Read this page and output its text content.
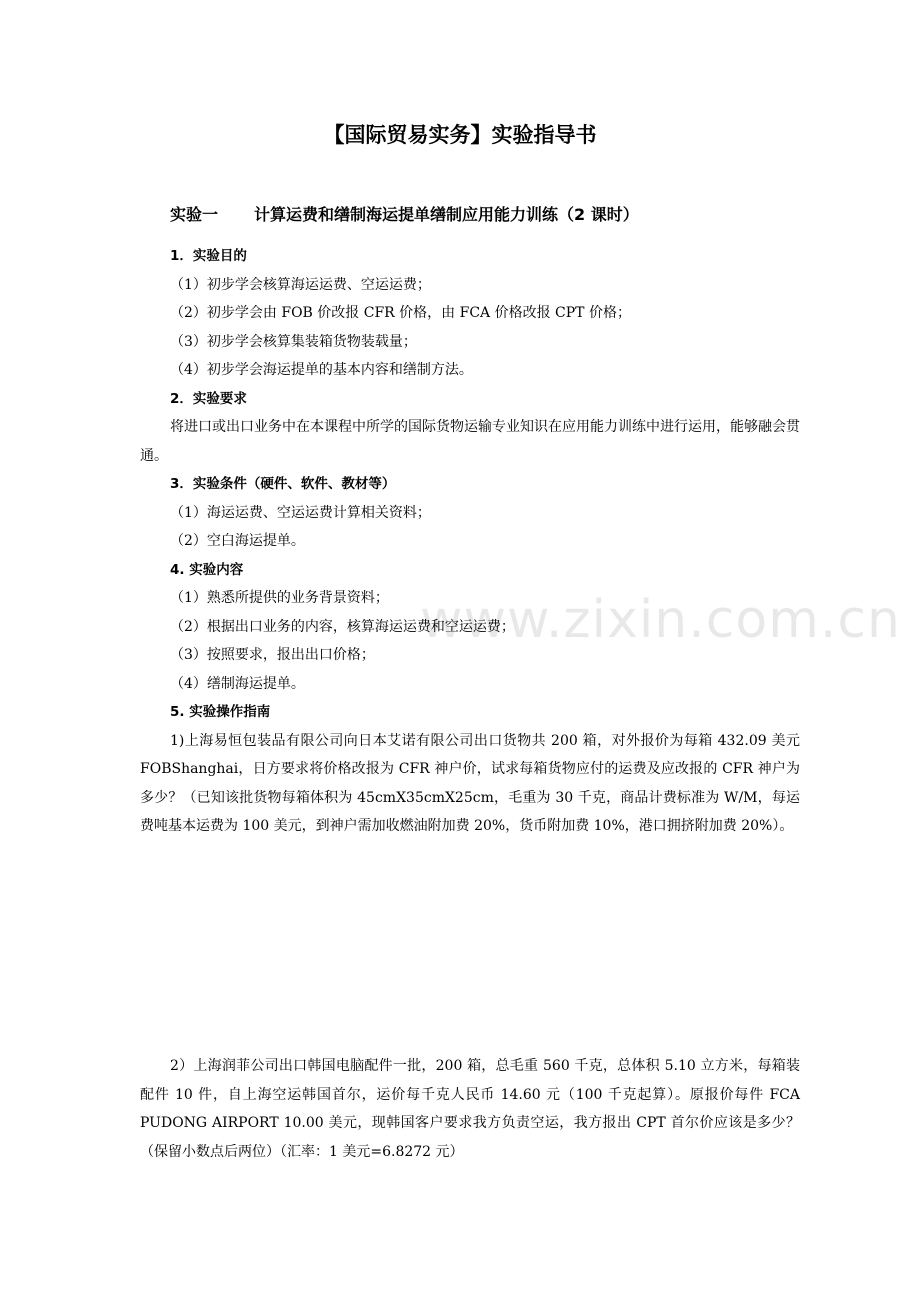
www.zixin.com.cn
【国际贸易实务】实验指导书
实验一 计算运费和缮制海运提单缮制应用能力训练（2 课时）
1．实验目的
（1）初步学会核算海运运费、空运运费；
（2）初步学会由 FOB 价改报 CFR 价格，由 FCA 价格改报 CPT 价格；
（3）初步学会核算集装箱货物装载量；
（4）初步学会海运提单的基本内容和缮制方法。
2．实验要求
将进口或出口业务中在本课程中所学的国际货物运输专业知识在应用能力训练中进行运用，能够融会贯通。
3．实验条件（硬件、软件、教材等）
（1）海运运费、空运运费计算相关资料；
（2）空白海运提单。
4. 实验内容
（1）熟悉所提供的业务背景资料；
（2）根据出口业务的内容，核算海运运费和空运运费；
（3）按照要求，报出出口价格；
（4）缮制海运提单。
5. 实验操作指南
1)上海易恒包装品有限公司向日本艾诺有限公司出口货物共 200 箱，对外报价为每箱 432.09 美元 FOBShanghai，日方要求将价格改报为 CFR 神户价，试求每箱货物应付的运费及应改报的 CFR 神户为多少？（已知该批货物每箱体积为 45cmX35cmX25cm，毛重为 30 千克，商品计费标准为 W/M，每运费吨基本运费为 100 美元，到神户需加收燃油附加费 20%，货币附加费 10%，港口拥挤附加费 20%）。
2）上海润菲公司出口韩国电脑配件一批，200 箱，总毛重 560 千克，总体积 5.10 立方米，每箱装配件 10 件，自上海空运韩国首尔，运价每千克人民币 14.60 元（100 千克起算）。原报价每件 FCA PUDONG AIRPORT 10.00 美元，现韩国客户要求我方负责空运，我方报出 CPT 首尔价应该是多少？（保留小数点后两位）（汇率：1 美元=6.8272 元）
